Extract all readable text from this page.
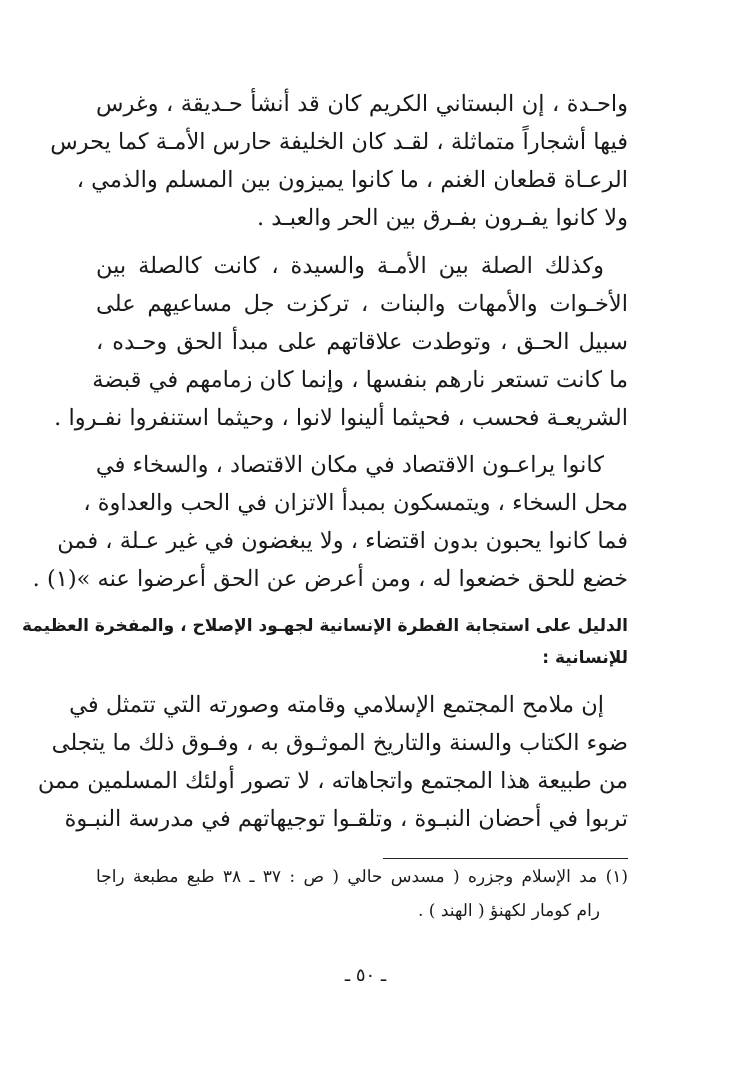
واحـدة ، إن البستاني الكريم كان قد أنشأ حـديقة ، وغرس
فيها أشجاراً متماثلة ، لقـد كان الخليفة حارس الأمـة كما يحرس
الرعـاة قطعان الغنم ، ما كانوا يميزون بين المسلم والذمي ،
ولا كانوا يفـرون بفـرق بين الحر والعبـد .
وكذلك الصلة بين الأمـة والسيدة ، كانت كالصلة بين
الأخـوات والأمهات والبنات ، تركزت جل مساعيهم على
سبيل الحـق ، وتوطدت علاقاتهم على مبدأ الحق وحـده ،
ما كانت تستعر نارهم بنفسها ، وإنما كان زمامهم في قبضة
الشريعـة فحسب ، فحيثما ألينوا لانوا ، وحيثما استنفروا نفـروا .
كانوا يراعـون الاقتصاد في مكان الاقتصاد ، والسخاء في
محل السخاء ، ويتمسكون بمبدأ الاتزان في الحب والعداوة ،
فما كانوا يحبون بدون اقتضاء ، ولا يبغضون في غير عـلة ، فمن
خضع للحق خضعوا له ، ومن أعرض عن الحق أعرضوا عنه »(١) .
الدليل على استجابة الفطرة الإنسانية لجهـود الإصلاح ، والمفخرة العظيمة
للإنسانية :
إن ملامح المجتمع الإسلامي وقامته وصورته التي تتمثل في
ضوء الكتاب والسنة والتاريخ الموثـوق به ، وفـوق ذلك ما يتجلى
من طبيعة هذا المجتمع واتجاهاته ، لا تصور أولئك المسلمين ممن
تربوا في أحضان النبـوة ، وتلقـوا توجيهاتهم في مدرسة النبـوة
(١) مد الإسلام وجزره ( مسدس حالي ( ص : ٣٧ ـ ٣٨ طبع مطبعة راجا
رام كومار لكهنؤ ( الهند ) .
ـ ٥٠ ـ
